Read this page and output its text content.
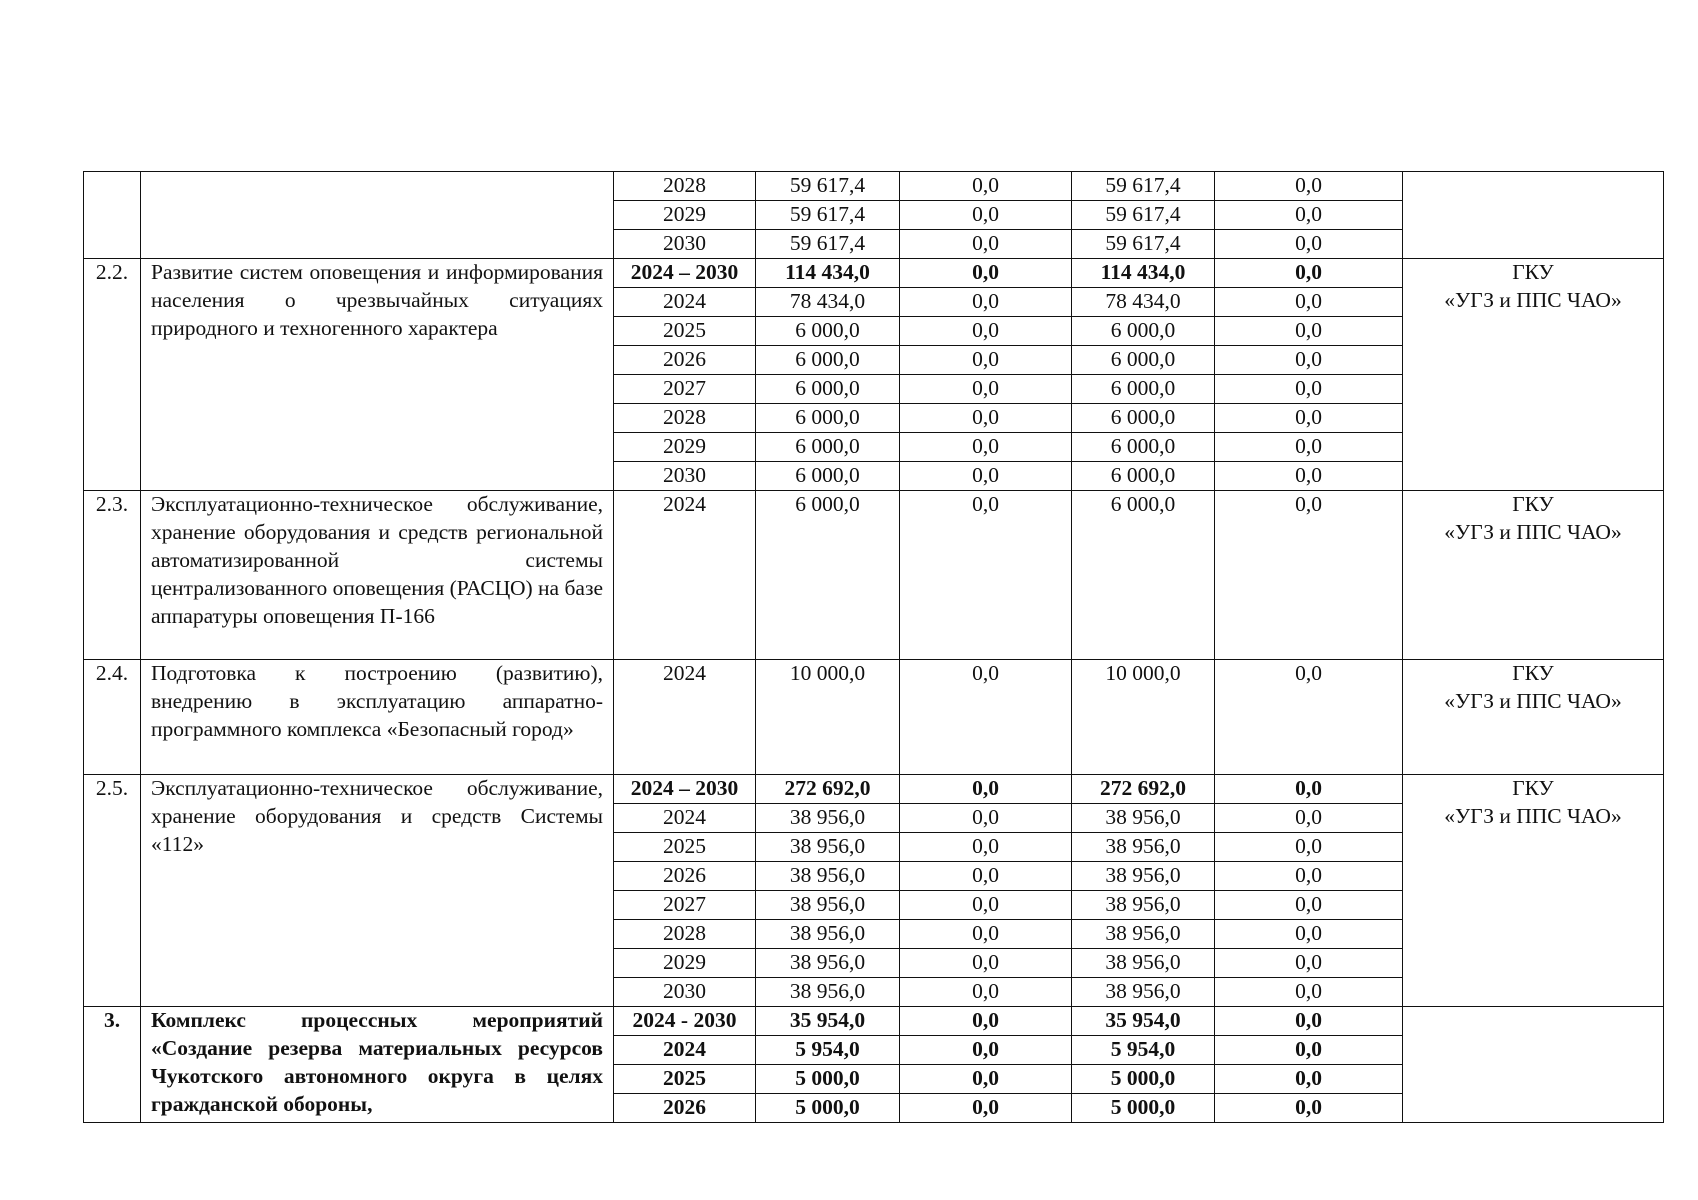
		2028	59 617,4	0,0	59 617,4	0,0	
		2029	59 617,4	0,0	59 617,4	0,0	
		2030	59 617,4	0,0	59 617,4	0,0	
2.2.	Развитие систем оповещения и информирования населения о чрезвычайных ситуациях природного и техногенного характера	2024 – 2030	114 434,0	0,0	114 434,0	0,0	ГКУ
«УГЗ и ППС ЧАО»

		2024	78 434,0	0,0	78 434,0	0,0	
		2025	6 000,0	0,0	6 000,0	0,0	
		2026	6 000,0	0,0	6 000,0	0,0	
		2027	6 000,0	0,0	6 000,0	0,0	
		2028	6 000,0	0,0	6 000,0	0,0	
		2029	6 000,0	0,0	6 000,0	0,0	
		2030	6 000,0	0,0	6 000,0	0,0	
2.3.	Эксплуатационно-техническое обслуживание, хранение оборудования и средств региональной автоматизированной системы централизованного оповещения (РАСЦО) на базе аппаратуры оповещения П-166	2024	6 000,0	0,0	6 000,0	0,0	ГКУ
«УГЗ и ППС ЧАО»

2.4.	Подготовка к построению (развитию), внедрению в эксплуатацию аппаратно-программного комплекса «Безопасный город»	2024	10 000,0	0,0	10 000,0	0,0	ГКУ
«УГЗ и ППС ЧАО»

2.5.	Эксплуатационно-техническое обслуживание, хранение оборудования и средств Системы «112»	2024 – 2030	272 692,0	0,0	272 692,0	0,0	ГКУ
«УГЗ и ППС ЧАО»

		2024	38 956,0	0,0	38 956,0	0,0	
		2025	38 956,0	0,0	38 956,0	0,0	
		2026	38 956,0	0,0	38 956,0	0,0	
		2027	38 956,0	0,0	38 956,0	0,0	
		2028	38 956,0	0,0	38 956,0	0,0	
		2029	38 956,0	0,0	38 956,0	0,0	
		2030	38 956,0	0,0	38 956,0	0,0	
3.	Комплекс процессных мероприятий «Создание резерва материальных ресурсов Чукотского автономного округа в целях гражданской обороны,	2024 - 2030	35 954,0	0,0	35 954,0	0,0	
		2024	5 954,0	0,0	5 954,0	0,0	
		2025	5 000,0	0,0	5 000,0	0,0	
		2026	5 000,0	0,0	5 000,0	0,0	
